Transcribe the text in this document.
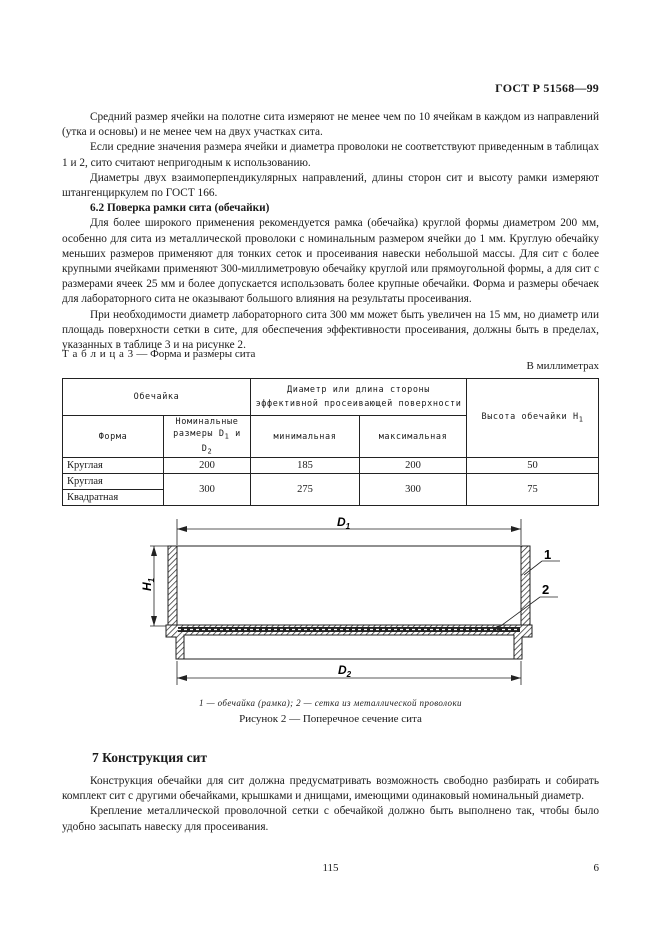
ГОСТ Р 51568—99

Средний размер ячейки на полотне сита измеряют не менее чем по 10 ячейкам в каждом из направлений (утка и основы) и не менее чем на двух участках сита.

Если средние значения размера ячейки и диаметра проволоки не соответствуют приведенным в таблицах 1 и 2, сито считают непригодным к использованию.

Диаметры двух взаимоперпендикулярных направлений, длины сторон сит и высоту рамки измеряют штангенциркулем по ГОСТ 166.

6.2 Поверка рамки сита (обечайки)

Для более широкого применения рекомендуется рамка (обечайка) круглой формы диаметром 200 мм, особенно для сита из металлической проволоки с номинальным размером ячейки до 1 мм. Круглую обечайку меньших размеров применяют для тонких сеток и просеивания навески небольшой массы. Для сит с более крупными ячейками применяют 300-миллиметровую обечайку круглой или прямоугольной формы, а для сит с размерами ячеек 25 мм и более допускается использовать более крупные обечайки. Форма и размеры обечаек для лабораторного сита не оказывают большого влияния на результаты просеивания.

При необходимости диаметр лабораторного сита 300 мм может быть увеличен на 15 мм, но диаметр или площадь поверхности сетки в сите, для обеспечения эффективности просеивания, должны быть в пределах, указанных в таблице 3 и на рисунке 2.

Т а б л и ц а 3 — Форма и размеры сита
В миллиметрах
Обечайка		Диаметр или длина стороны эффективной просеивающей поверхности		Высота обечайки $H_1$
Форма	Номинальные размеры $D_1$ и $D_2$	минимальная	максимальная	
Круглая	200	185	200	50
Круглая	300	275	300	75
Квадратная				
$D_1$
$H_1$
1
2
$D_2$
1 — обечайка (рамка); 2 — сетка из металлической проволоки
Рисунок 2 — Поперечное сечение сита
7 Конструкция сит

Конструкция обечайки для сит должна предусматривать возможность свободно разбирать и собирать комплект сит с другими обечайками, крышками и днищами, имеющими одинаковый номинальный диаметр.

Крепление металлической проволочной сетки с обечайкой должно быть выполнено так, чтобы было удобно засыпать навеску для просеивания.

115	6
